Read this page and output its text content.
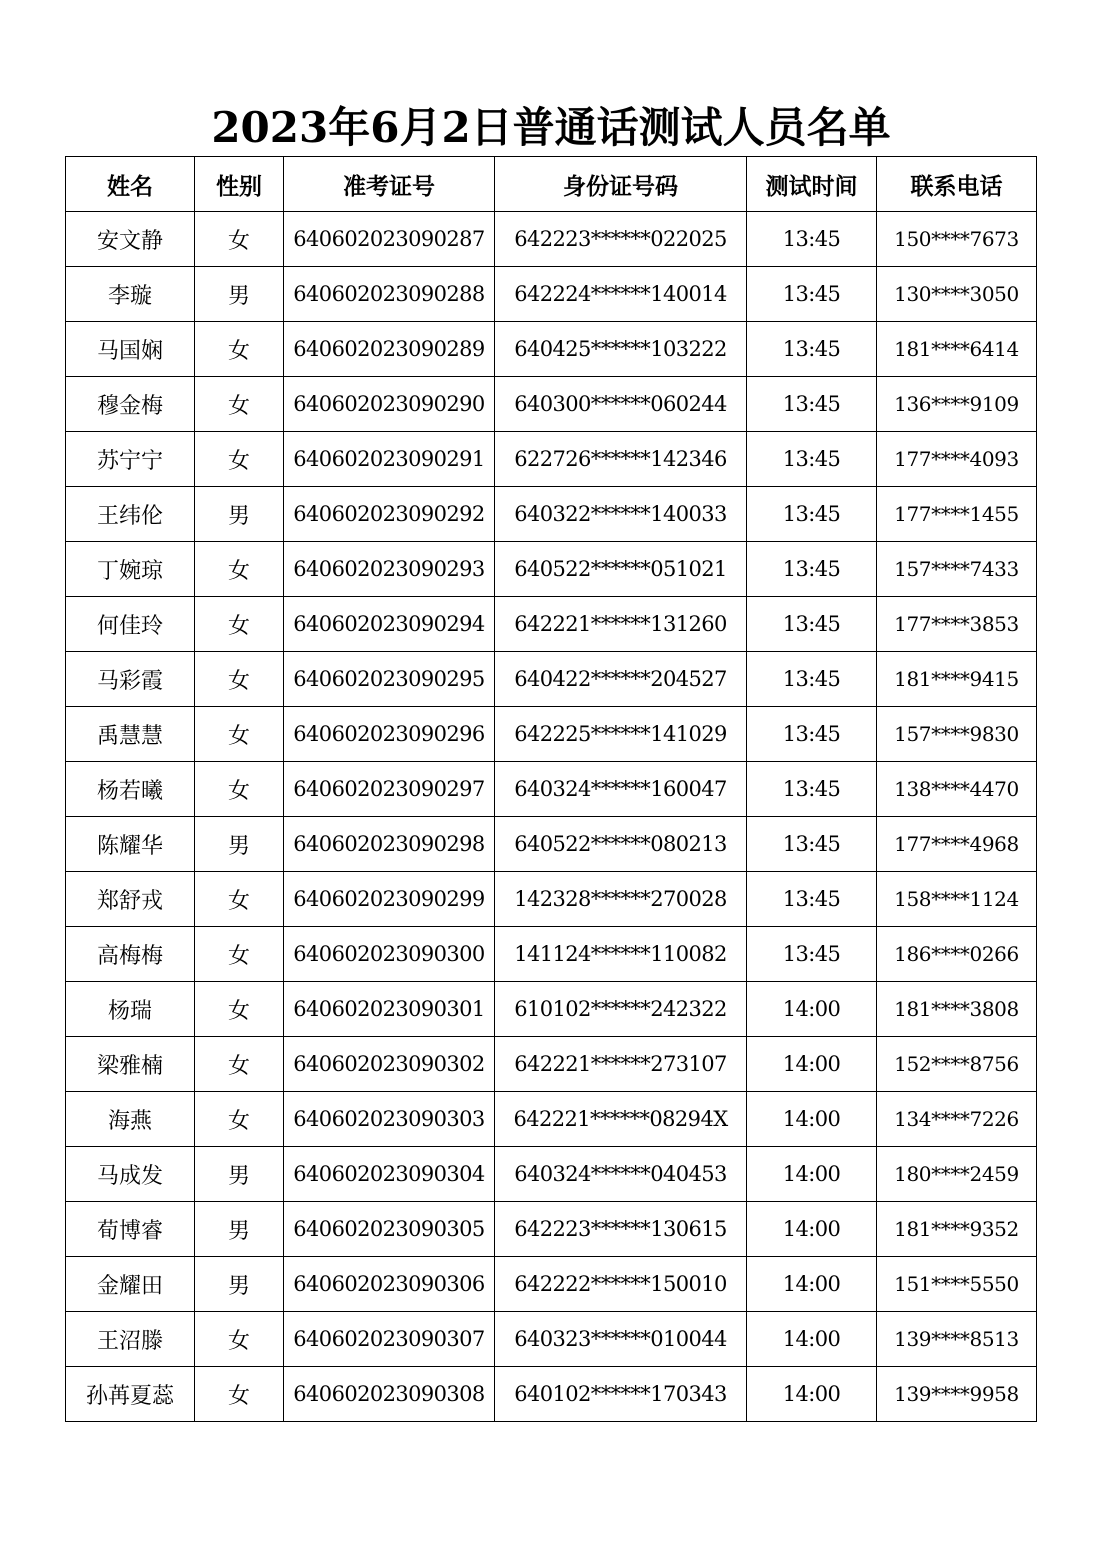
2023年6月2日普通话测试人员名单
姓名	性别	准考证号	身份证号码	测试时间	联系电话
安文静	女	640602023090287	642223******022025	13:45	150****7673
李璇	男	640602023090288	642224******140014	13:45	130****3050
马国娴	女	640602023090289	640425******103222	13:45	181****6414
穆金梅	女	640602023090290	640300******060244	13:45	136****9109
苏宁宁	女	640602023090291	622726******142346	13:45	177****4093
王纬伦	男	640602023090292	640322******140033	13:45	177****1455
丁婉琼	女	640602023090293	640522******051021	13:45	157****7433
何佳玲	女	640602023090294	642221******131260	13:45	177****3853
马彩霞	女	640602023090295	640422******204527	13:45	181****9415
禹慧慧	女	640602023090296	642225******141029	13:45	157****9830
杨若曦	女	640602023090297	640324******160047	13:45	138****4470
陈耀华	男	640602023090298	640522******080213	13:45	177****4968
郑舒戎	女	640602023090299	142328******270028	13:45	158****1124
高梅梅	女	640602023090300	141124******110082	13:45	186****0266
杨瑞	女	640602023090301	610102******242322	14:00	181****3808
梁雅楠	女	640602023090302	642221******273107	14:00	152****8756
海燕	女	640602023090303	642221******08294X	14:00	134****7226
马成发	男	640602023090304	640324******040453	14:00	180****2459
荀博睿	男	640602023090305	642223******130615	14:00	181****9352
金耀田	男	640602023090306	642222******150010	14:00	151****5550
王沼滕	女	640602023090307	640323******010044	14:00	139****8513
孙苒夏蕊	女	640602023090308	640102******170343	14:00	139****9958
